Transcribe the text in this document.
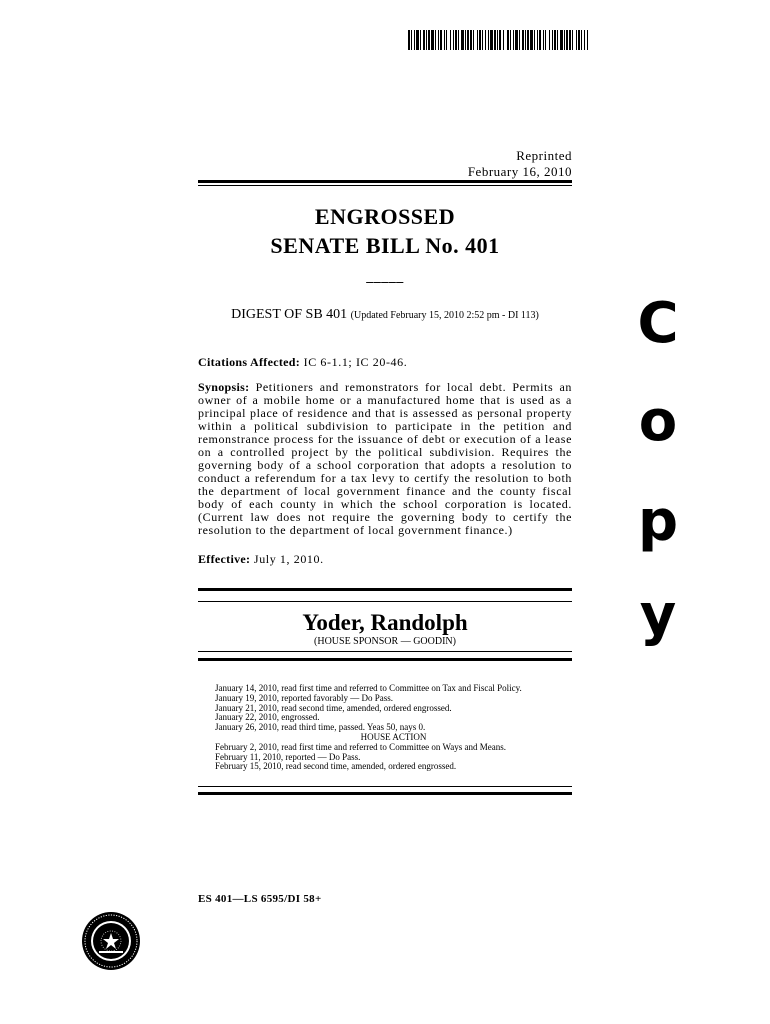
Reprinted
February 16, 2010
ENGROSSED
SENATE BILL No. 401
_____
DIGEST OF SB 401 (Updated February 15, 2010 2:52 pm - DI 113)
Citations Affected: IC 6-1.1; IC 20-46.
Synopsis: Petitioners and remonstrators for local debt. Permits an owner of a mobile home or a manufactured home that is used as a principal place of residence and that is assessed as personal property within a political subdivision to participate in the petition and remonstrance process for the issuance of debt or execution of a lease on a controlled project by the political subdivision. Requires the governing body of a school corporation that adopts a resolution to conduct a referendum for a tax levy to certify the resolution to both the department of local government finance and the county fiscal body of each county in which the school corporation is located. (Current law does not require the governing body to certify the resolution to the department of local government finance.)
Effective: July 1, 2010.
Yoder, Randolph
(HOUSE SPONSOR — GOODIN)
January 14, 2010, read first time and referred to Committee on Tax and Fiscal Policy.
January 19, 2010, reported favorably — Do Pass.
January 21, 2010, read second time, amended, ordered engrossed.
January 22, 2010, engrossed.
January 26, 2010, read third time, passed. Yeas 50, nays 0.
HOUSE ACTION
February 2, 2010, read first time and referred to Committee on Ways and Means.
February 11, 2010, reported — Do Pass.
February 15, 2010, read second time, amended, ordered engrossed.
ES 401—LS 6595/DI 58+
C
o
p
y
